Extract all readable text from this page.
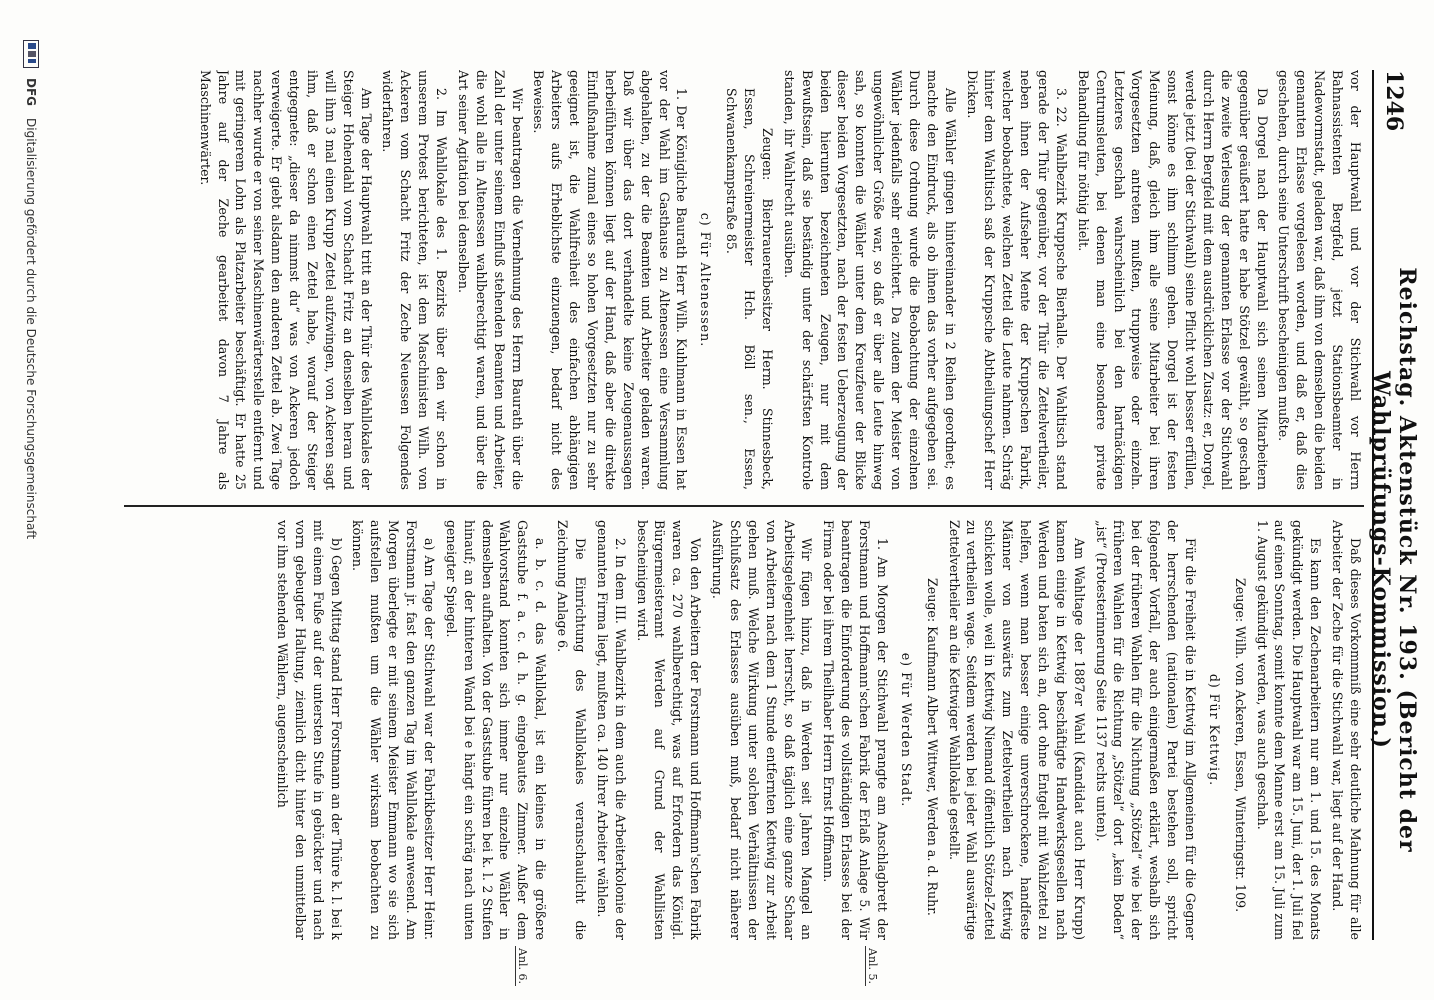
1246
Reichstag. Aktenstück Nr. 193. (Bericht der Wahlprüfungs-Kommission.)

vor der Hauptwahl und vor der Stichwahl vor Herrn Bahnassistenten Bergfeld, jetzt Stationsbeamter in Nadewormstadt, geladen war, daß ihm von demselben die beiden genannten Erlasse vorgelesen worden, und daß er, daß dies geschehen, durch seine Unterschrift bescheinigen mußte.

Da Dorgel nach der Hauptwahl sich seinen Mitarbeitern gegenüber geäußert hatte er habe Stötzel gewählt, so geschah die zweite Verlesung der genannten Erlasse vor der Stichwahl durch Herrn Bergfeld mit dem ausdrücklichen Zusatz: er, Dorgel, werde jetzt (bei der Stichwahl) seine Pflicht wohl besser erfüllen, sonst könne es ihm schlimm gehen. Dorgel ist der festen Meinung, daß, gleich ihm alle seine Mitarbeiter bei ihren Vorgesetzten antreten mußten, truppweise oder einzeln. Letzteres geschah wahrscheinlich bei den hartnäckigen Centrumsleuten, bei denen man eine besondere private Behandlung für nöthig hielt.

3. 22. Wahlbezirk Kruppsche Bierhalle. Der Wahltisch stand gerade der Thür gegenüber, vor der Thür die Zettelvertheiler, neben ihnen der Aufseher Mente der Kruppschen Fabrik, welcher beobachtete, welchen Zettel die Leute nahmen. Schräg hinter dem Wahltisch saß der Kruppsche Abtheilungschef Herr Dicken.

Alle Wähler gingen hintereinander in 2 Reihen geordnet; es machte den Eindruck, als ob ihnen das vorher aufgegeben sei. Durch diese Ordnung wurde die Beobachtung der einzelnen Wähler jedenfalls sehr erleichtert. Da zudem der Meister von ungewöhnlicher Größe war, so daß er über alle Leute hinweg sah, so konnten die Wähler unter dem Kreuzfeuer der Blicke dieser beiden Vorgesetzten, nach der festen Ueberzeugung der beiden hierunten bezeichneten Zeugen, nur mit dem Bewußtsein, daß sie beständig unter der schärfsten Kontrole standen, ihr Wahlrecht ausüben.

Zeugen: Bierbrauereibesitzer Herm. Stinnesbeck, Essen, Schreinermeister Hch. Böll sen., Essen, Schwanenkampstraße 85.

c) Für Altenessen.

1. Der Königliche Baurath Herr Wilh. Kuhlmann in Essen hat vor der Wahl im Gasthause zu Altenessen eine Versammlung abgehalten, zu der die Beamten und Arbeiter geladen waren. Daß wir über das dort verhandelte keine Zeugenaussagen herbeiführen können liegt auf der Hand, daß aber die direkte Einflußnahme zumal eines so hohen Vorgesetzten nur zu sehr geeignet ist, die Wahlfreiheit des einfachen abhängigen Arbeiters aufs Erheblichste einzuengen, bedarf nicht des Beweises.

Wir beantragen die Vernehmung des Herrn Baurath über die Zahl der unter seinem Einfluß stehenden Beamten und Arbeiter, die wohl alle in Altenessen wahlberechtigt waren, und über die Art seiner Agitation bei denselben.

2. Im Wahllokale des 1. Bezirks über den wir schon in unserem Protest berichteten, ist dem Maschinisten Wilh. von Ackeren vom Schacht Fritz der Zeche Neuessen Folgendes widerfahren.

Am Tage der Hauptwahl tritt an der Thür des Wahllokales der Steiger Hohendahl vom Schacht Fritz an denselben heran und will ihm 3 mal einen Krupp Zettel aufzwingen, von Ackeren sagt ihm, daß er schon einen Zettel habe, worauf der Steiger entgegnete: „dieser da nimmst du“ was von Ackeren jedoch verweigerte. Er giebt alsdann den anderen Zettel ab. Zwei Tage nachher wurde er von seiner Maschinenwärterstelle entfernt und mit geringerem Lohn als Platzarbeiter beschäftigt. Er hatte 25 Jahre auf der Zeche gearbeitet davon 7 Jahre als Maschinenwärter.

Daß dieses Vorkommniß eine sehr deutliche Mahnung für alle Arbeiter der Zeche für die Stichwahl war, liegt auf der Hand.

Es kann den Zechenarbeitern nur am 1. und 15. des Monats gekündigt werden. Die Hauptwahl war am 15. Juni, der 1. Juli fiel auf einen Sonntag, somit konnte dem Manne erst am 15. Juli zum 1. August gekündigt werden, was auch geschah.

Zeuge: Wilh. von Ackeren, Essen, Winteringstr. 109.

d) Für Kettwig.

Für die Freiheit die in Kettwig im Allgemeinen für die Gegner der herrschenden (nationalen) Partei bestehen soll, spricht folgender Vorfall, der auch einigermaßen erklärt, weshalb sich bei der früheren Wahlen für die Nichtung „Stötzel“ wie bei der früheren Wahlen für die Richtung „Stötzel“ dort „kein Boden“ „ist“ (Protesterinnerung Seite 1137 rechts unten).

Am Wahltage der 1887er Wahl (Kandidat auch Herr Krupp) kamen einige in Kettwig beschäftigte Handwerksgesellen nach Werden und baten sich an, dort ohne Entgelt mit Wahlzettel zu helfen, wenn man besser einige unverschrockene, handfeste Männer von auswärts zum Zettelvertheilen nach Kettwig schicken wolle, weil in Kettwig Niemand öffentlich Stötzel-Zettel zu vertheilen wage. Seitdem werden bei jeder Wahl auswärtige Zettelvertheiler an die Kettwiger Wahllokale gestellt.

Zeuge: Kaufmann Albert Wittwer, Werden a. d. Ruhr.

e) Für Werden Stadt.

1. Am Morgen der Stichwahl prangte am Anschlagbrett der Forstmann und Hoffmann'schen Fabrik der Erlaß Anlage 5. Wir beantragen die Einforderung des vollständigen Erlasses bei der Firma oder bei ihrem Theilhaber Herrn Ernst Hoffmann.

Wir fügen hinzu, daß in Werden seit Jahren Mangel an Arbeitsgelegenheit herrscht, so daß täglich eine ganze Schaar von Arbeitern nach dem 1 Stunde entfernten Kettwig zur Arbeit gehen muß. Welche Wirkung unter solchen Verhältnissen der Schlußsatz des Erlasses ausüben muß, bedarf nicht näherer Ausführung.

Von den Arbeitern der Forstmann und Hoffmann'schen Fabrik waren ca. 270 wahlberechtigt, was auf Erfordern das Königl. Bürgermeisteramt Werden auf Grund der Wahllisten bescheinigen wird.

2. In dem III. Wahlbezirk in dem auch die Arbeiterkolonie der genannten Firma liegt, mußten ca. 140 ihrer Arbeiter wählen.

Die Einrichtung des Wahllokales veranschaulicht die Zeichnung Anlage 6.

a. b. c. d. das Wahllokal, ist ein kleines in die größere Gaststube f. a. c. d. h. g. eingebautes Zimmer. Außer dem Wahlvorstand konnten sich immer nur einzelne Wähler in demselben aufhalten. Von der Gaststube führen bei k. l. 2 Stufen hinauf; an der hinteren Wand bei e hängt ein schräg nach unten geneigter Spiegel.

a) Am Tage der Stichwahl war der Fabrikbesitzer Herr Heinr. Forstmann jr. fast den ganzen Tag im Wahllokale anwesend. Am Morgen überlegte er mit seinem Meister Emmann wo sie sich aufstellen mußten um die Wähler wirksam beobachten zu können.

b) Gegen Mittag stand Herr Forstmann an der Thüre k. l. bei k mit einem Fuße auf der untersten Stufe in gebückter und nach vorn gebeugter Haltung, ziemlich dicht hinter den unmittelbar vor ihm stehenden Wählern, augenscheinlich

Anl. 5.
Anl. 6.
DFG
Digitalisierung gefördert durch die Deutsche Forschungsgemeinschaft
